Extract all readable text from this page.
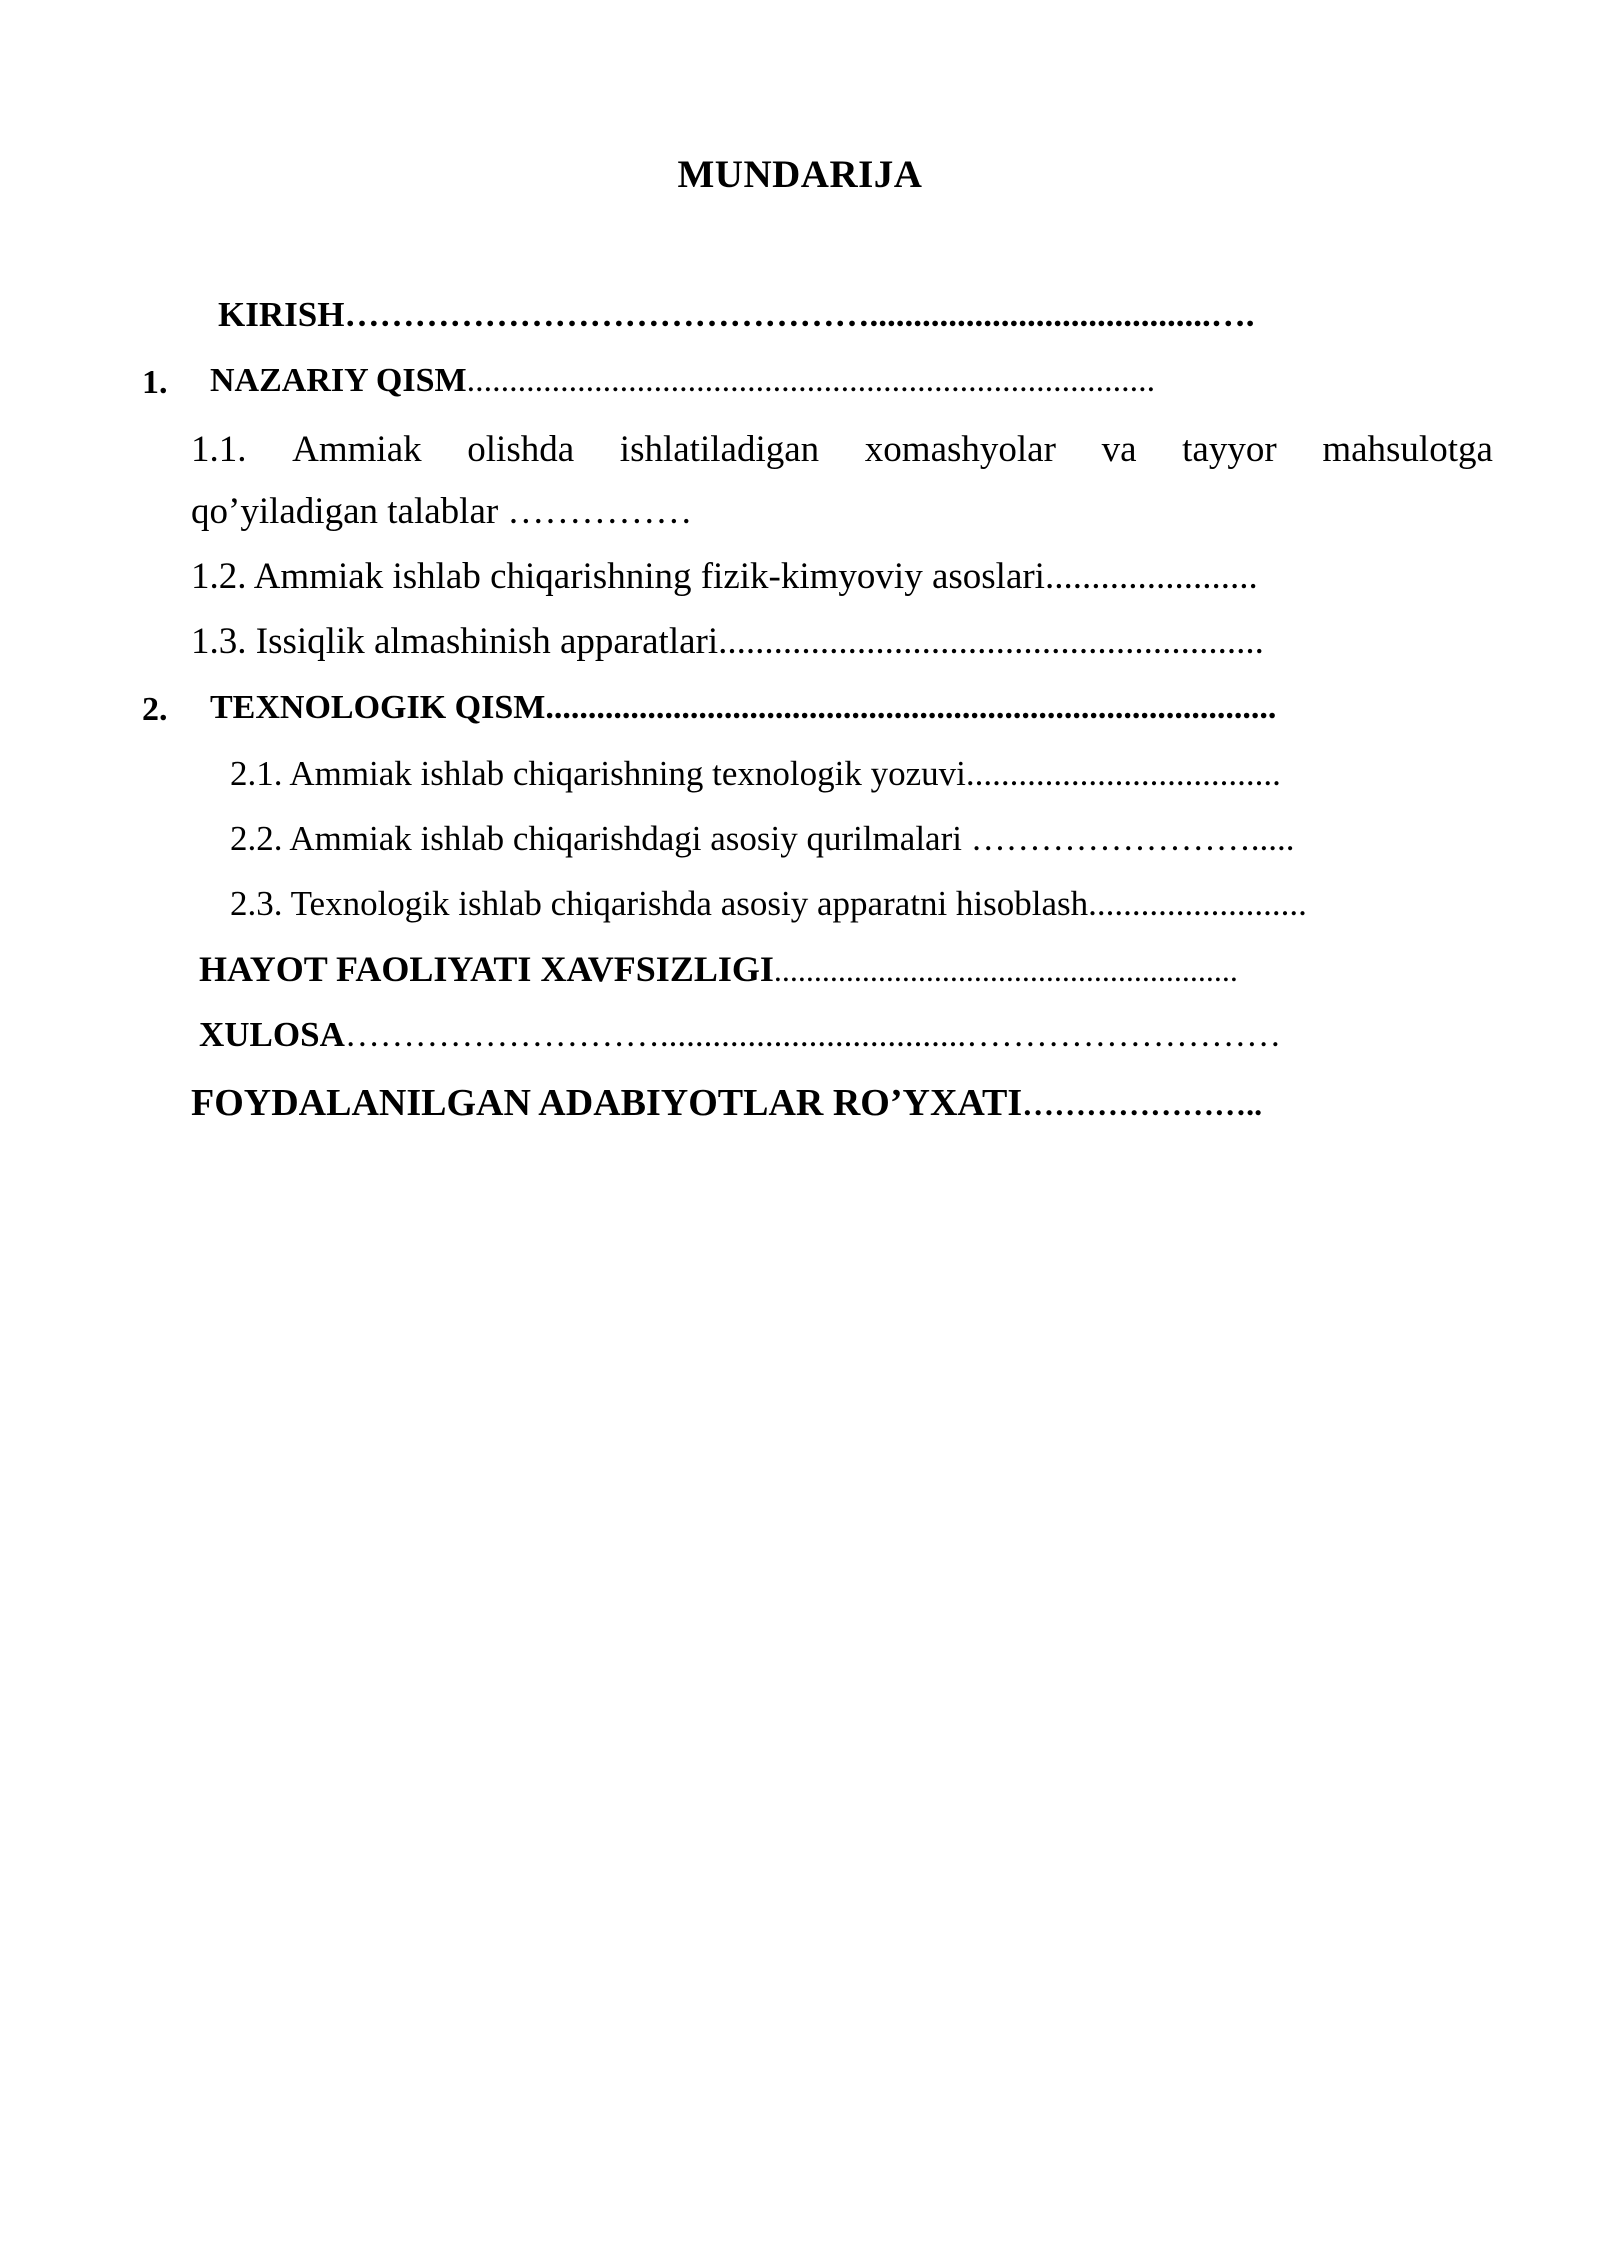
MUNDARIJA
KIRISH……………………………………….......................................….
1. NAZARIY QISM.................................................................................
1.1. Ammiak olishda ishlatiladigan xomashyolar va tayyor mahsulotga
qo’yiladigan talablar ……………
1.2. Ammiak ishlab chiqarishning fizik-kimyoviy asoslari.......................
1.3. Issiqlik almashinish apparatlari...........................................................
2. TEXNOLOGIK QISM......................................................................................
2.1. Ammiak ishlab chiqarishning texnologik yozuvi....................................
2.2. Ammiak ishlab chiqarishdagi asosiy qurilmalari …………………….....
2.3. Texnologik ishlab chiqarishda asosiy apparatni hisoblash.........................
HAYOT FAOLIYATI XAVFSIZLIGI..........................................................
XULOSA………………………...................................………………………
FOYDALANILGAN ADABIYOTLAR RO’YXATI…………………..
